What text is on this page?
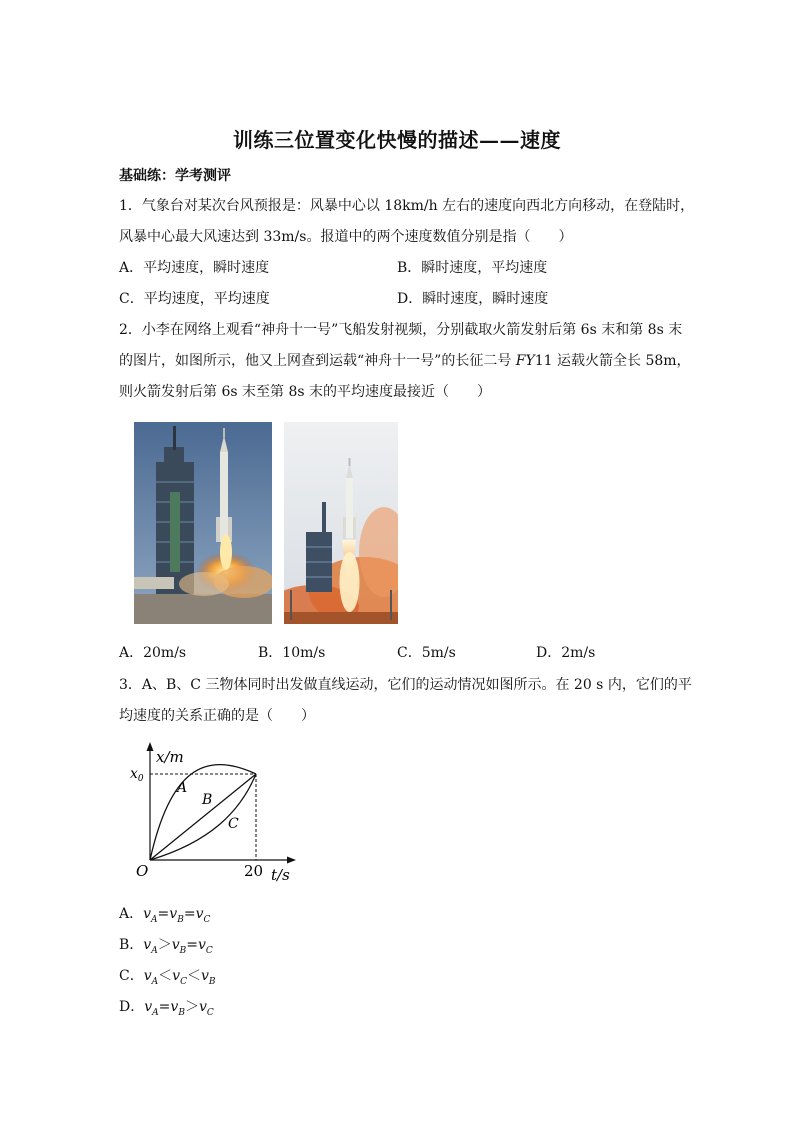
训练三位置变化快慢的描述——速度
基础练：学考测评
1．气象台对某次台风预报是：风暴中心以 18km/h 左右的速度向西北方向移动，在登陆时，
风暴中心最大风速达到 33m/s。报道中的两个速度数值分别是指（　　）
A．平均速度，瞬时速度	B．瞬时速度，平均速度
C．平均速度，平均速度	D．瞬时速度，瞬时速度
2．小李在网络上观看“神舟十一号”飞船发射视频，分别截取火箭发射后第 6s 末和第 8s 末
的图片，如图所示，他又上网查到运载“神舟十一号”的长征二号 FY11 运载火箭全长 58m，
则火箭发射后第 6s 末至第 8s 末的平均速度最接近（　　）
A．20m/s	B．10m/s	C．5m/s	D．2m/s
3．A、B、C 三物体同时出发做直线运动，它们的运动情况如图所示。在 20 s 内，它们的平
均速度的关系正确的是（　　）
x/m
$x_0$
A
B
C
O	20 t/s
A．$v_A=v_B=v_C$
B．$v_A>v_B=v_C$
C．$v_A<v_C<v_B$
D．$v_A=v_B>v_C$
